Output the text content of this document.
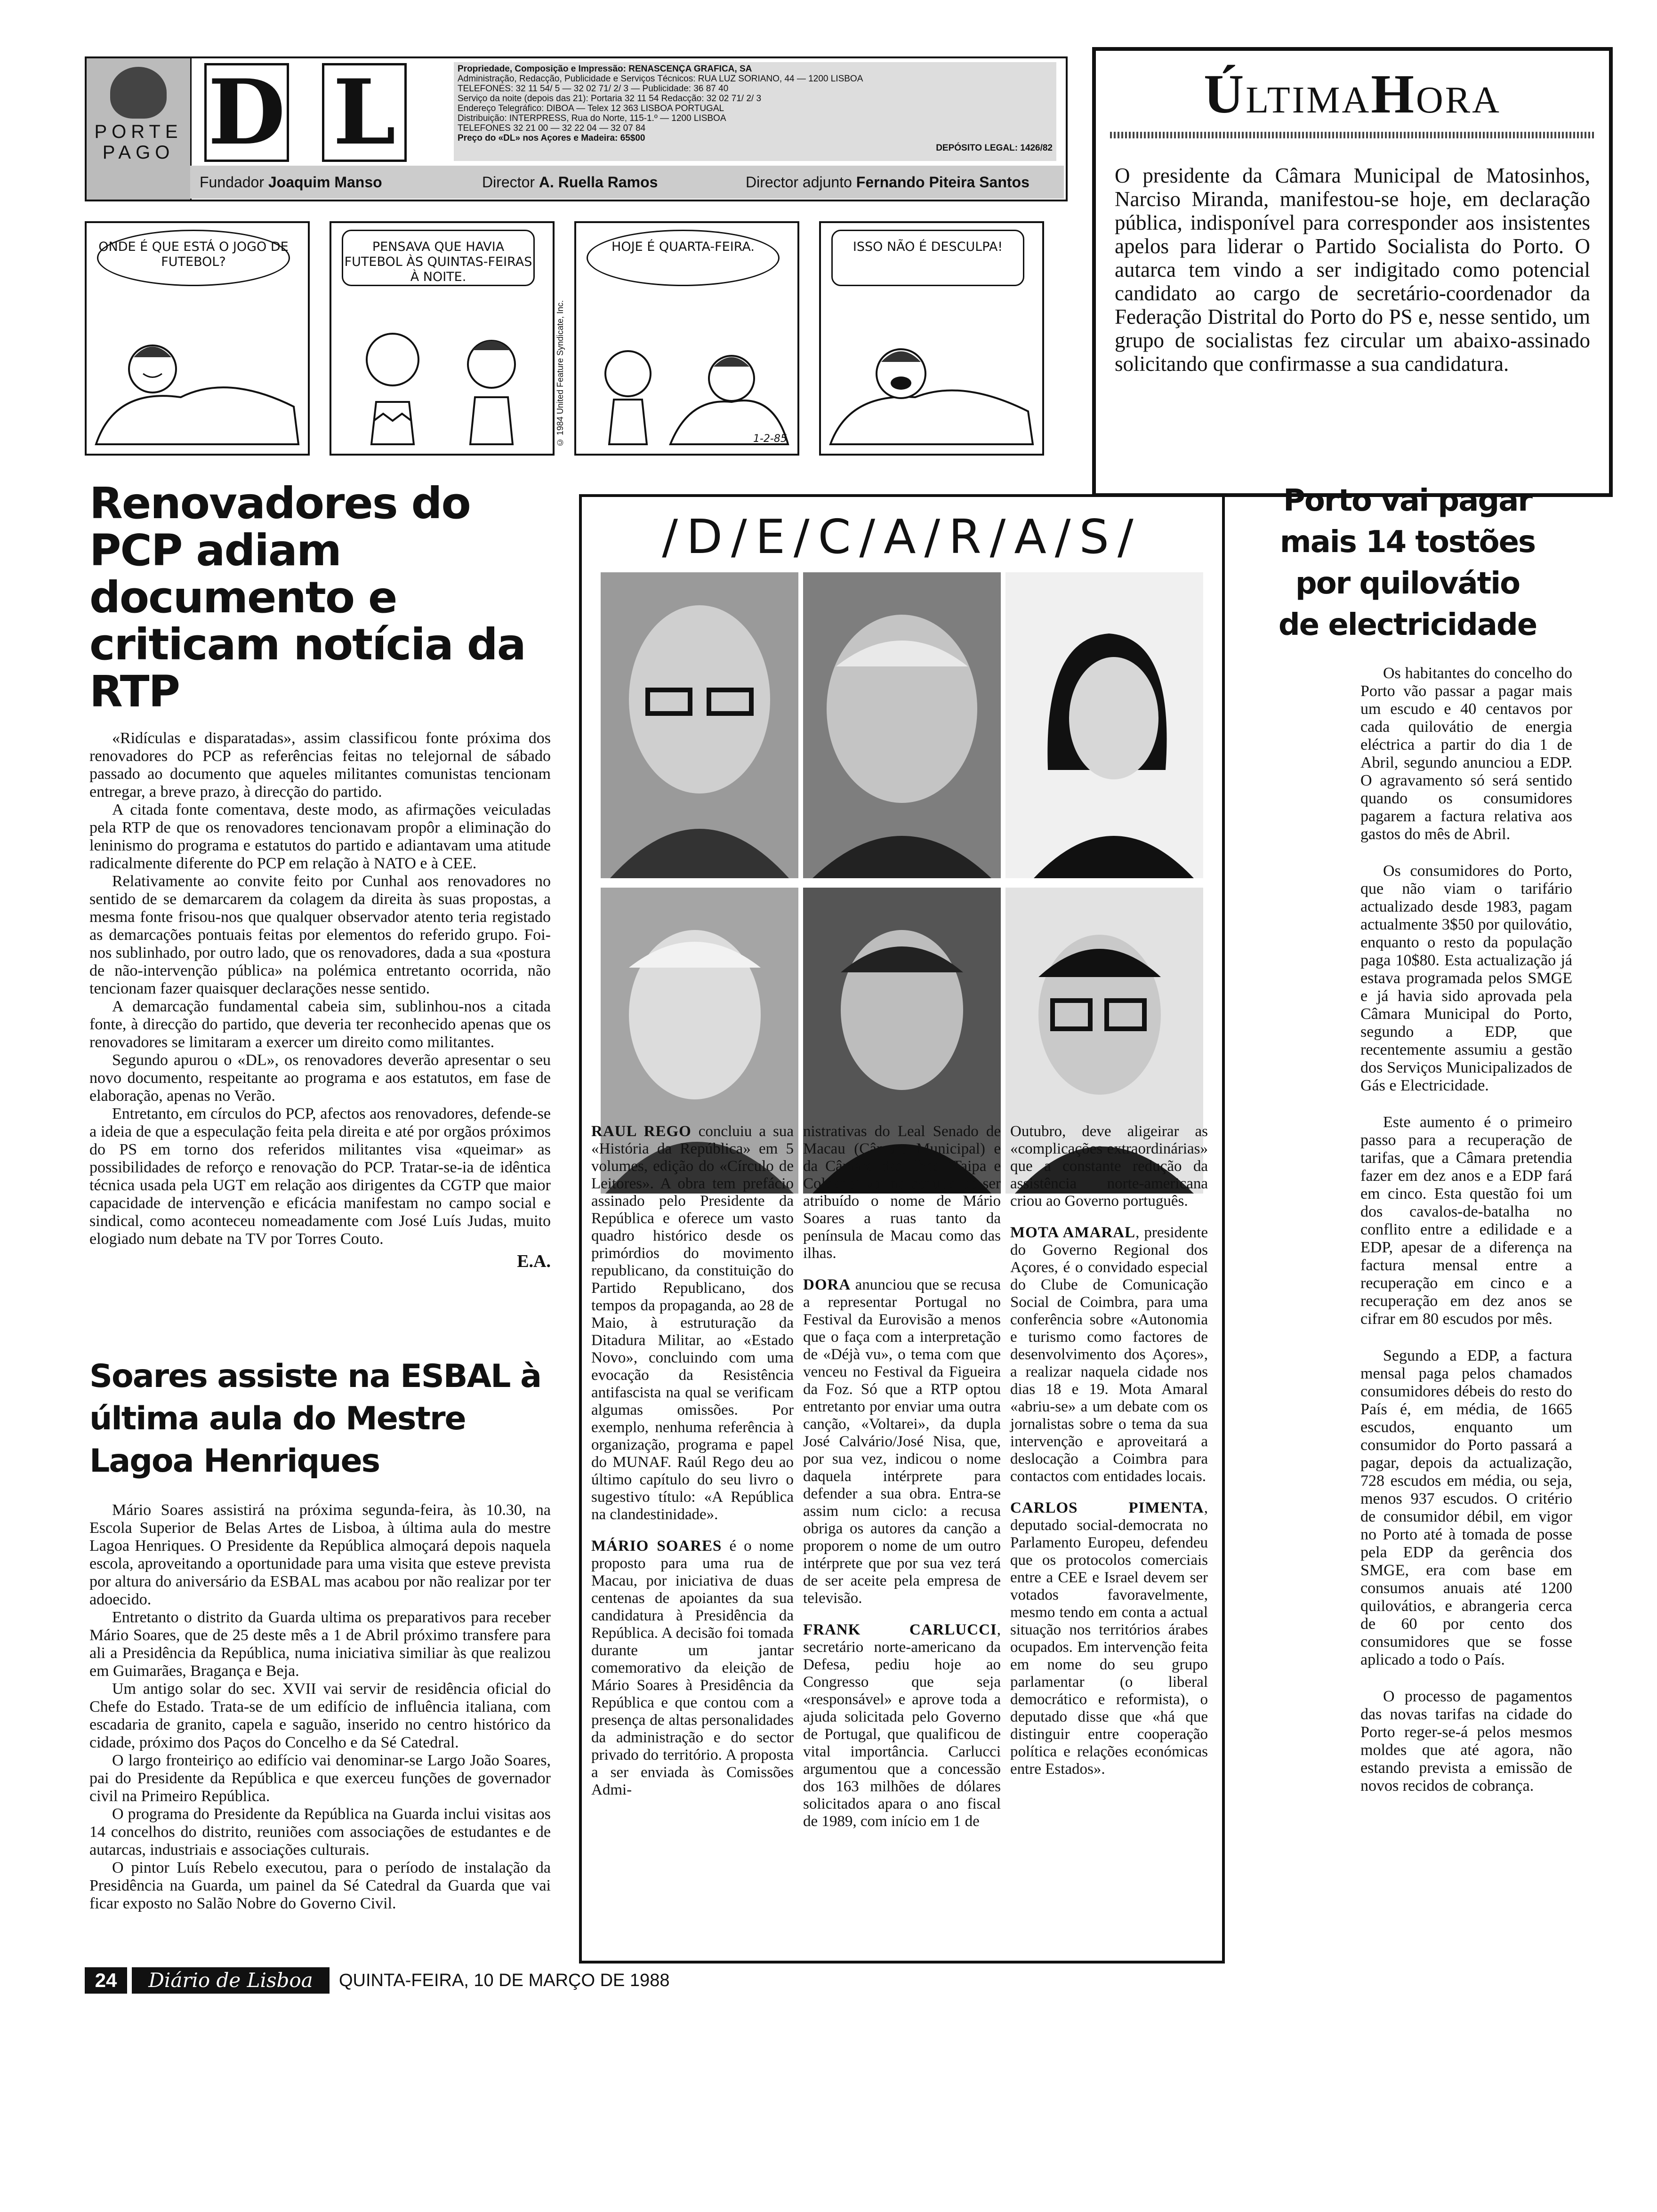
PORTE PAGO D L	Propriedade, Composição e Impressão: RENASCENÇA GRAFICA, SA
Administração, Redacção, Publicidade e Serviços Técnicos: RUA LUZ SORIANO, 44 — 1200 LISBOA
TELEFONES: 32 11 54/ 5 — 32 02 71/ 2/ 3 — Publicidade: 36 87 40
Serviço da noite (depois das 21): Portaria 32 11 54 Redacção: 32 02 71/ 2/ 3
Endereço Telegráfico: DIBOA — Telex 12 363 LISBOA PORTUGAL
Distribuição: INTERPRESS, Rua do Norte, 115-1.º — 1200 LISBOA
TELEFONES 32 21 00 — 32 22 04 — 32 07 84
Preço do «DL» nos Açores e Madeira: 65$00
DEPÓSITO LEGAL: 1426/82
Fundador Joaquim Manso	Director A. Ruella Ramos	Director adjunto Fernando Piteira Santos
ÚLTIMAHORA
O presidente da Câmara Municipal de Matosinhos, Narciso Miranda, manifestou-se hoje, em declaração pública, indisponível para corresponder aos insistentes apelos para liderar o Partido Socialista do Porto. O autarca tem vindo a ser indigitado como potencial candidato ao cargo de secretário-coordenador da Federação Distrital do Porto do PS e, nesse sentido, um grupo de socialistas fez circular um abaixo-assinado solicitando que confirmasse a sua candidatura.
ONDE É QUE ESTÁ O JOGO DE FUTEBOL?
PENSAVA QUE HAVIA FUTEBOL ÀS QUINTAS-FEIRAS À NOITE.
HOJE É QUARTA-FEIRA.	ISSO NÃO É DESCULPA!
© 1984 United Feature Syndicate, Inc.	1-2-85
Renovadores do PCP adiam documento e criticam notícia da RTP

«Ridículas e disparatadas», assim classificou fonte próxima dos renovadores do PCP as referências feitas no telejornal de sábado passado ao documento que aqueles militantes comunistas tencionam entregar, a breve prazo, à direcção do partido.

A citada fonte comentava, deste modo, as afirmações veiculadas pela RTP de que os renovadores tencionavam propôr a eliminação do leninismo do programa e estatutos do partido e adiantavam uma atitude radicalmente diferente do PCP em relação à NATO e à CEE.

Relativamente ao convite feito por Cunhal aos renovadores no sentido de se demarcarem da colagem da direita às suas propostas, a mesma fonte frisou-nos que qualquer observador atento teria registado as demarcações pontuais feitas por elementos do referido grupo. Foi-nos sublinhado, por outro lado, que os renovadores, dada a sua «postura de não-intervenção pública» na polémica entretanto ocorrida, não tencionam fazer quaisquer declarações nesse sentido.

A demarcação fundamental cabeia sim, sublinhou-nos a citada fonte, à direcção do partido, que deveria ter reconhecido apenas que os renovadores se limitaram a exercer um direito como militantes.

Segundo apurou o «DL», os renovadores deverão apresentar o seu novo documento, respeitante ao programa e aos estatutos, em fase de elaboração, apenas no Verão.

Entretanto, em círculos do PCP, afectos aos renovadores, defende-se a ideia de que a especulação feita pela direita e até por orgãos próximos do PS em torno dos referidos militantes visa «queimar» as possibilidades de reforço e renovação do PCP. Tratar-se-ia de idêntica técnica usada pela UGT em relação aos dirigentes da CGTP que maior capacidade de intervenção e eficácia manifestam no campo social e sindical, como aconteceu nomeadamente com José Luís Judas, muito elogiado num debate na TV por Torres Couto.

E.A.
Soares assiste na ESBAL à última aula do Mestre Lagoa Henriques

Mário Soares assistirá na próxima segunda-feira, às 10.30, na Escola Superior de Belas Artes de Lisboa, à última aula do mestre Lagoa Henriques. O Presidente da República almoçará depois naquela escola, aproveitando a oportunidade para uma visita que esteve prevista por altura do aniversário da ESBAL mas acabou por não realizar por ter adoecido.

Entretanto o distrito da Guarda ultima os preparativos para receber Mário Soares, que de 25 deste mês a 1 de Abril próximo transfere para ali a Presidência da República, numa iniciativa similiar às que realizou em Guimarães, Bragança e Beja.

Um antigo solar do sec. XVII vai servir de residência oficial do Chefe do Estado. Trata-se de um edifício de influência italiana, com escadaria de granito, capela e saguão, inserido no centro histórico da cidade, próximo dos Paços do Concelho e da Sé Catedral.

O largo fronteiriço ao edifício vai denominar-se Largo João Soares, pai do Presidente da República e que exerceu funções de governador civil na Primeiro República.

O programa do Presidente da República na Guarda inclui visitas aos 14 concelhos do distrito, reuniões com associações de estudantes e de autarcas, industriais e associações culturais.

O pintor Luís Rebelo executou, para o período de instalação da Presidência na Guarda, um painel da Sé Catedral da Guarda que vai ficar exposto no Salão Nobre do Governo Civil.

/D/E/C/A/R/A/S/

RAUL REGO concluiu a sua «História da República» em 5 volumes, edição do «Círculo de Leitores». A obra tem prefácio assinado pelo Presidente da República e oferece um vasto quadro histórico desde os primórdios do movimento republicano, da constituição do Partido Republicano, dos tempos da propaganda, ao 28 de Maio, à estruturação da Ditadura Militar, ao «Estado Novo», concluindo com uma evocação da Resistência antifascista na qual se verificam algumas omissões. Por exemplo, nenhuma referência à organização, programa e papel do MUNAF. Raúl Rego deu ao último capítulo do seu livro o sugestivo título: «A República na clandestinidade».

MÁRIO SOARES é o nome proposto para uma rua de Macau, por iniciativa de duas centenas de apoiantes da sua candidatura à Presidência da República. A decisão foi tomada durante um jantar comemorativo da eleição de Mário Soares à Presidência da República e que contou com a presença de altas personalidades da administração e do sector privado do território. A proposta a ser enviada às Comissões Admi-

nistrativas do Leal Senado de Macau (Câmara Municipal) e da Câmara das Ilhas (Taipa e Coloane) vai no sentido de ser atribuído o nome de Mário Soares a ruas tanto da península de Macau como das ilhas.

DORA anunciou que se recusa a representar Portugal no Festival da Eurovisão a menos que o faça com a interpretação de «Déjà vu», o tema com que venceu no Festival da Figueira da Foz. Só que a RTP optou entretanto por enviar uma outra canção, «Voltarei», da dupla José Calvário/José Nisa, que, por sua vez, indicou o nome daquela intérprete para defender a sua obra. Entra-se assim num ciclo: a recusa obriga os autores da canção a proporem o nome de um outro intérprete que por sua vez terá de ser aceite pela empresa de televisão.

FRANK CARLUCCI, secretário norte-americano da Defesa, pediu hoje ao Congresso que seja «responsável» e aprove toda a ajuda solicitada pelo Governo de Portugal, que qualificou de vital importância. Carlucci argumentou que a concessão dos 163 milhões de dólares solicitados apara o ano fiscal de 1989, com início em 1 de

Outubro, deve aligeirar as «complicações extraordinárias» que a constante redução da assistência norte-americana criou ao Governo português.

MOTA AMARAL, presidente do Governo Regional dos Açores, é o convidado especial do Clube de Comunicação Social de Coimbra, para uma conferência sobre «Autonomia e turismo como factores de desenvolvimento dos Açores», a realizar naquela cidade nos dias 18 e 19. Mota Amaral «abriu-se» a um debate com os jornalistas sobre o tema da sua intervenção e aproveitará a deslocação a Coimbra para contactos com entidades locais.

CARLOS PIMENTA, deputado social-democrata no Parlamento Europeu, defendeu que os protocolos comerciais entre a CEE e Israel devem ser votados favoravelmente, mesmo tendo em conta a actual situação nos territórios árabes ocupados. Em intervenção feita em nome do seu grupo parlamentar (o liberal democrático e reformista), o deputado disse que «há que distinguir entre cooperação política e relações económicas entre Estados».

Porto vai pagar mais 14 tostões por quilovátio de electricidade

Os habitantes do concelho do Porto vão passar a pagar mais um escudo e 40 centavos por cada quilovátio de energia eléctrica a partir do dia 1 de Abril, segundo anunciou a EDP. O agravamento só será sentido quando os consumidores pagarem a factura relativa aos gastos do mês de Abril.

Os consumidores do Porto, que não viam o tarifário actualizado desde 1983, pagam actualmente 3$50 por quilovátio, enquanto o resto da população paga 10$80. Esta actualização já estava programada pelos SMGE e já havia sido aprovada pela Câmara Municipal do Porto, segundo a EDP, que recentemente assumiu a gestão dos Serviços Municipalizados de Gás e Electricidade.

Este aumento é o primeiro passo para a recuperação de tarifas, que a Câmara pretendia fazer em dez anos e a EDP fará em cinco. Esta questão foi um dos cavalos-de-batalha no conflito entre a edilidade e a EDP, apesar de a diferença na factura mensal entre a recuperação em cinco e a recuperação em dez anos se cifrar em 80 escudos por mês.

Segundo a EDP, a factura mensal paga pelos chamados consumidores débeis do resto do País é, em média, de 1665 escudos, enquanto um consumidor do Porto passará a pagar, depois da actualização, 728 escudos em média, ou seja, menos 937 escudos. O critério de consumidor débil, em vigor no Porto até à tomada de posse pela EDP da gerência dos SMGE, era com base em consumos anuais até 1200 quilovátios, e abrangeria cerca de 60 por cento dos consumidores que se fosse aplicado a todo o País.

O processo de pagamentos das novas tarifas na cidade do Porto reger-se-á pelos mesmos moldes que até agora, não estando prevista a emissão de novos recidos de cobrança.

24	Diário de Lisboa	QUINTA-FEIRA, 10 DE MARÇO DE 1988
